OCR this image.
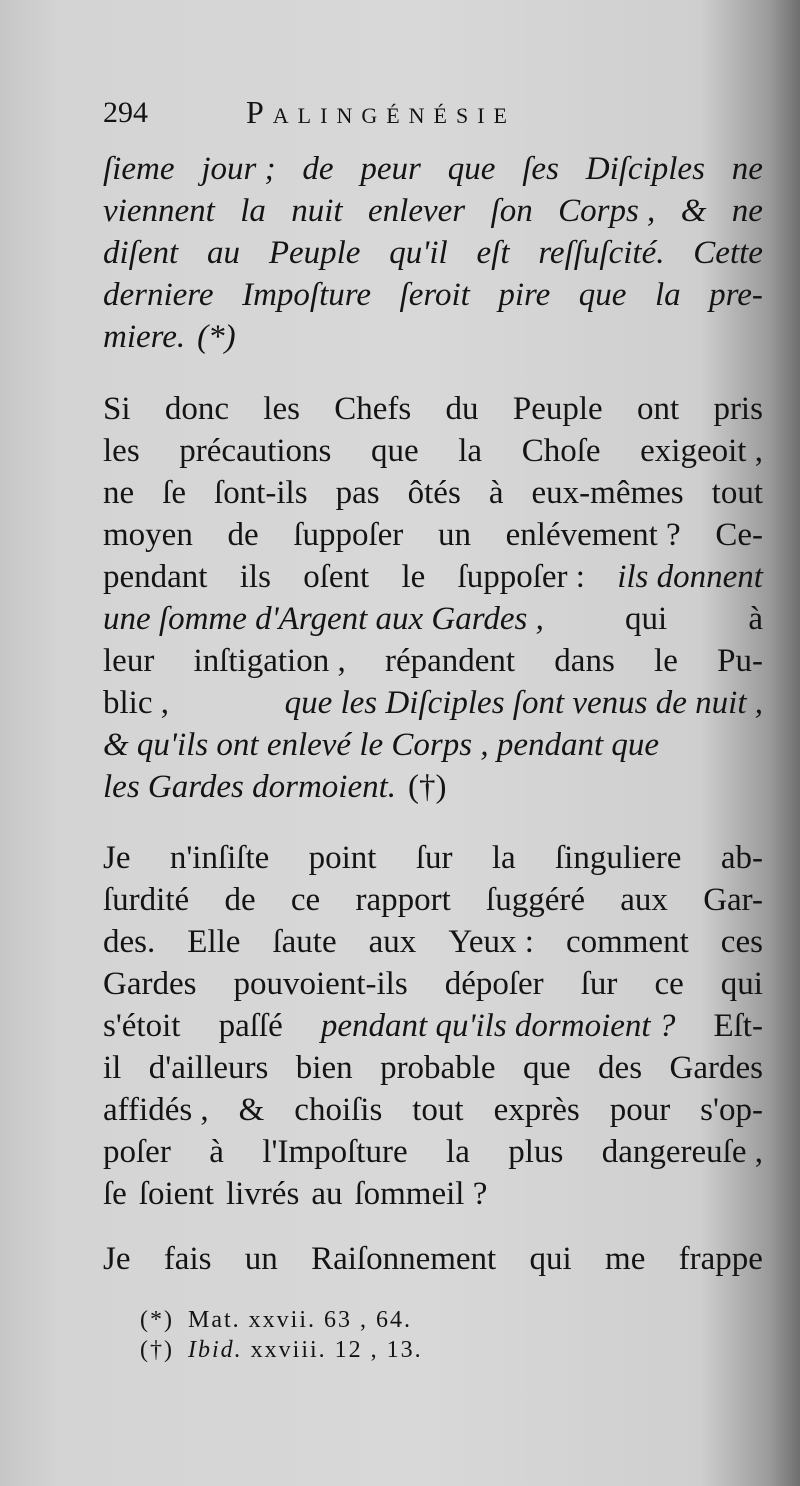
294	Palingénésie
ſieme jour ; de peur que ſes Diſciples ne
viennent la nuit enlever ſon Corps , & ne
diſent au Peuple qu'il eſt reſſuſcité. Cette
derniere Impoſture ſeroit pire que la pre-
miere. (*)
Si donc les Chefs du Peuple ont pris
les précautions que la Choſe exigeoit ,
ne ſe ſont-ils pas ôtés à eux-mêmes tout
moyen de ſuppoſer un enlévement ? Ce-
pendant ils oſent le ſuppoſer : ils donnent
une ſomme d'Argent aux Gardes , qui à
leur inſtigation , répandent dans le Pu-
blic ,	que les Diſciples ſont venus de nuit ,
& qu'ils ont enlevé le Corps , pendant que
les Gardes dormoient. (†)
Je n'inſiſte point ſur la ſinguliere ab-
ſurdité de ce rapport ſuggéré aux Gar-
des. Elle ſaute aux Yeux : comment ces
Gardes pouvoient-ils dépoſer ſur ce qui
s'étoit paſſé pendant qu'ils dormoient ? Eſt-
il d'ailleurs bien probable que des Gardes
affidés , & choiſis tout exprès pour s'op-
poſer à l'Impoſture la plus dangereuſe ,
ſe ſoient livrés au ſommeil ?
Je fais un Raiſonnement qui me frappe
(*) Mat. xxvii. 63 , 64.
(†) Ibid. xxviii. 12 , 13.
